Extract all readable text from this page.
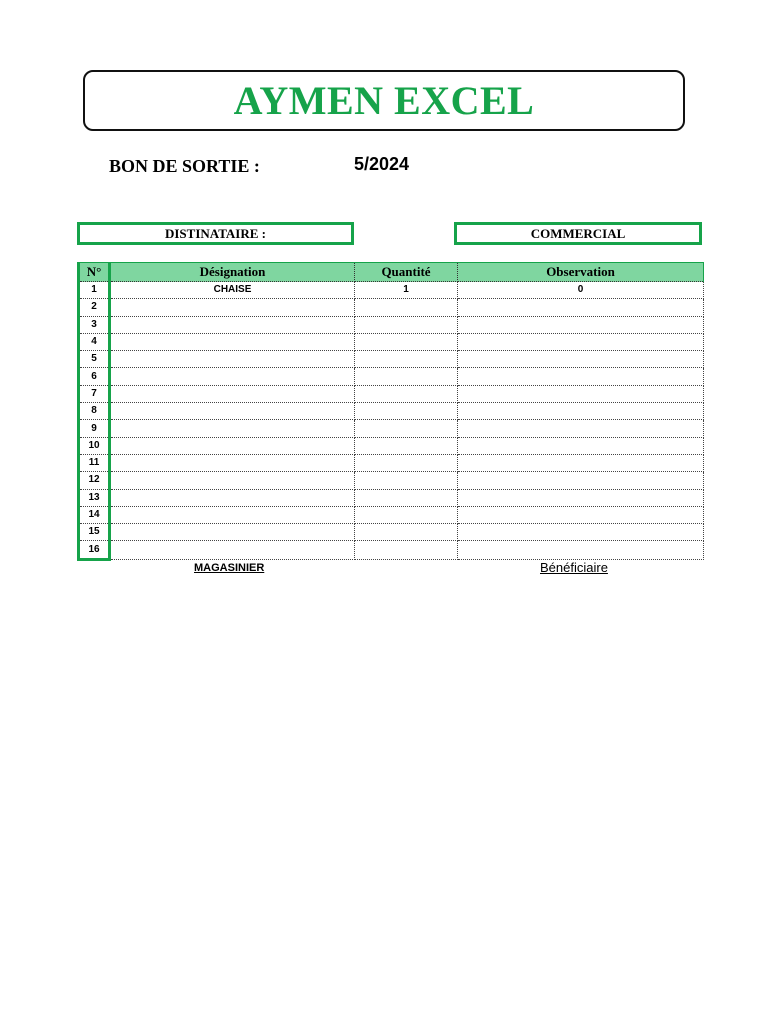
AYMEN EXCEL
BON DE SORTIE :	5/2024
DISTINATAIRE :	COMMERCIAL
N°	Désignation	Quantité	Observation
1	CHAISE	1	0
2			
3			
4			
5			
6			
7			
8			
9			
10			
11			
12			
13			
14			
15			
16			
MAGASINIER	Bénéficiaire
